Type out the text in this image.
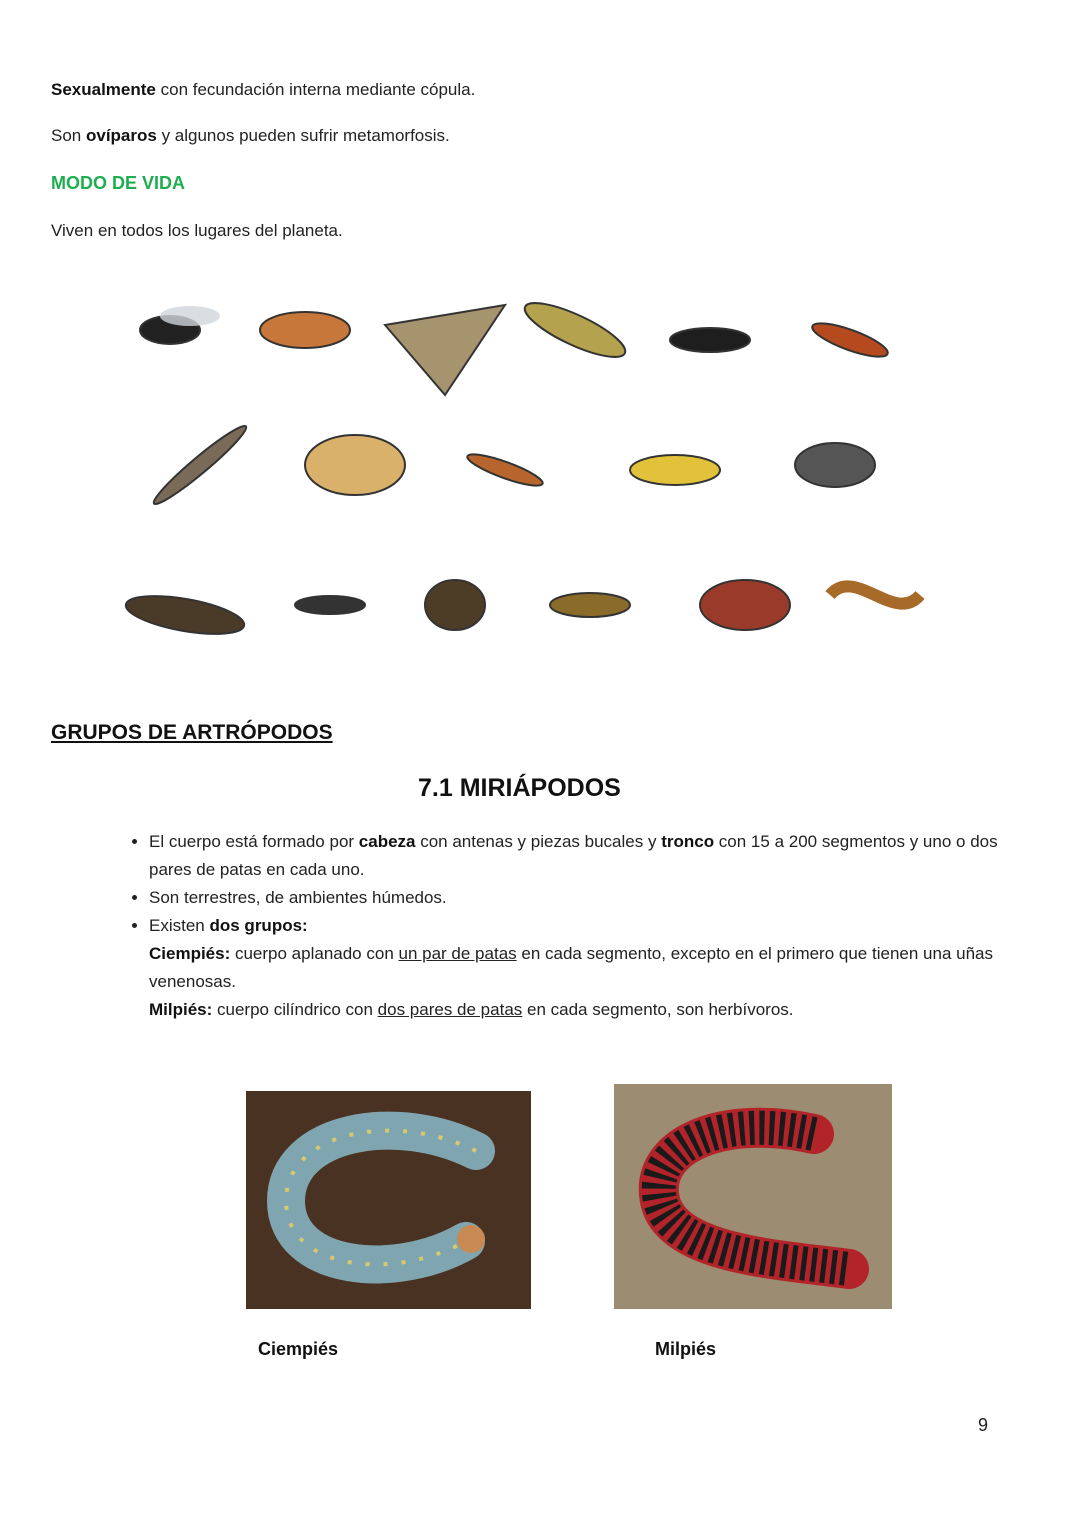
Sexualmente con fecundación interna mediante cópula.
Son ovíparos y algunos pueden sufrir metamorfosis.
MODO DE VIDA
Viven en todos los lugares del planeta.
GRUPOS DE ARTRÓPODOS
7.1 MIRIÁPODOS
• El cuerpo está formado por cabeza con antenas y piezas bucales y tronco con 15 a 200 segmentos y uno o dos pares de patas en cada uno.
• Son terrestres, de ambientes húmedos.
• Existen dos grupos:
Ciempiés: cuerpo aplanado con un par de patas en cada segmento, excepto en el primero que tienen una uñas venenosas.
Milpiés: cuerpo cilíndrico con dos pares de patas en cada segmento, son herbívoros.
Ciempiés	Milpiés
9
